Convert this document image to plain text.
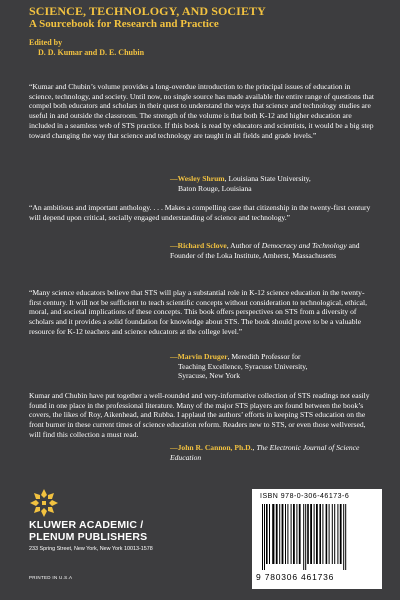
SCIENCE, TECHNOLOGY, AND SOCIETY
A Sourcebook for Research and Practice
Edited by
D. D. Kumar and D. E. Chubin

“Kumar and Chubin’s volume provides a long-overdue introduction to the principal issues of education in science, technology, and society. Until now, no single source has made available the entire range of questions that compel both educators and scholars in their quest to understand the ways that science and technology studies are useful in and outside the classroom. The strength of the volume is that both K-12 and higher education are included in a seamless web of STS practice. If this book is read by educators and scientists, it would be a big step toward changing the way that science and technology are taught in all fields and grade levels.”

—Wesley Shrum, Louisiana State University,
Baton Rouge, Louisiana

“An ambitious and important anthology. . . . Makes a compelling case that citizenship in the twenty-first century will depend upon critical, socially engaged understanding of science and technology.”

—Richard Sclove, Author of Democracy and Technology and Founder of the Loka Institute, Amherst, Massachusetts

“Many science educators believe that STS will play a substantial role in K-12 science education in the twenty-first century. It will not be sufficient to teach scientific concepts without consideration to technological, ethical, moral, and societal implications of these concepts. This book offers perspectives on STS from a diversity of scholars and it provides a solid foundation for knowledge about STS. The book should prove to be a valuable resource for K-12 teachers and science educators at the college level.”

—Marvin Druger, Meredith Professor for
Teaching Excellence, Syracuse University,
Syracuse, New York

Kumar and Chubin have put together a well-rounded and very-informative collection of STS readings not easily found in one place in the professional literature. Many of the major STS players are found between the book’s covers, the likes of Roy, Aikenhead, and Rubba. I applaud the authors’ efforts in keeping STS education on the front burner in these current times of science education reform. Readers new to STS, or even those wellversed, will find this collection a must read.

—John R. Cannon, Ph.D., The Electronic Journal of Science Education
KLUWER ACADEMIC /
PLENUM PUBLISHERS
233 Spring Street, New York, New York 10013-1578
PRINTED IN U.S.A
ISBN 978-0-306-46173-6
9 780306 461736
